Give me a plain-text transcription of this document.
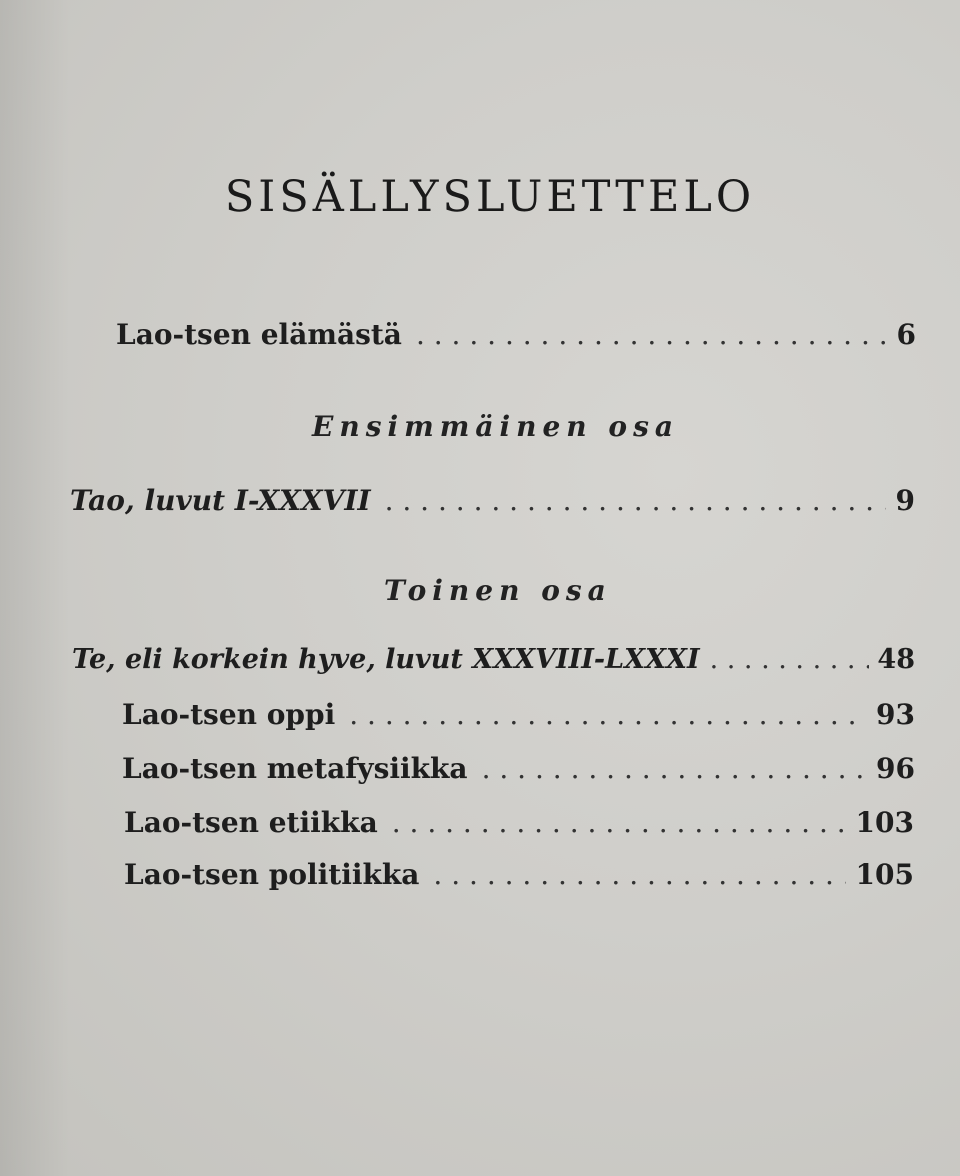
SISÄLLYSLUETTELO
Lao-tsen elämästä . . .	6
Ensimmäinen osa
Tao, luvut I-XXXVII . . .	9
Toinen osa
Te, eli korkein hyve, luvut XXXVIII-LXXXI . . .	48
Lao-tsen oppi . . .	93
Lao-tsen metafysiikka . . .	96
Lao-tsen etiikka . . .	103
Lao-tsen politiikka . . .	105
